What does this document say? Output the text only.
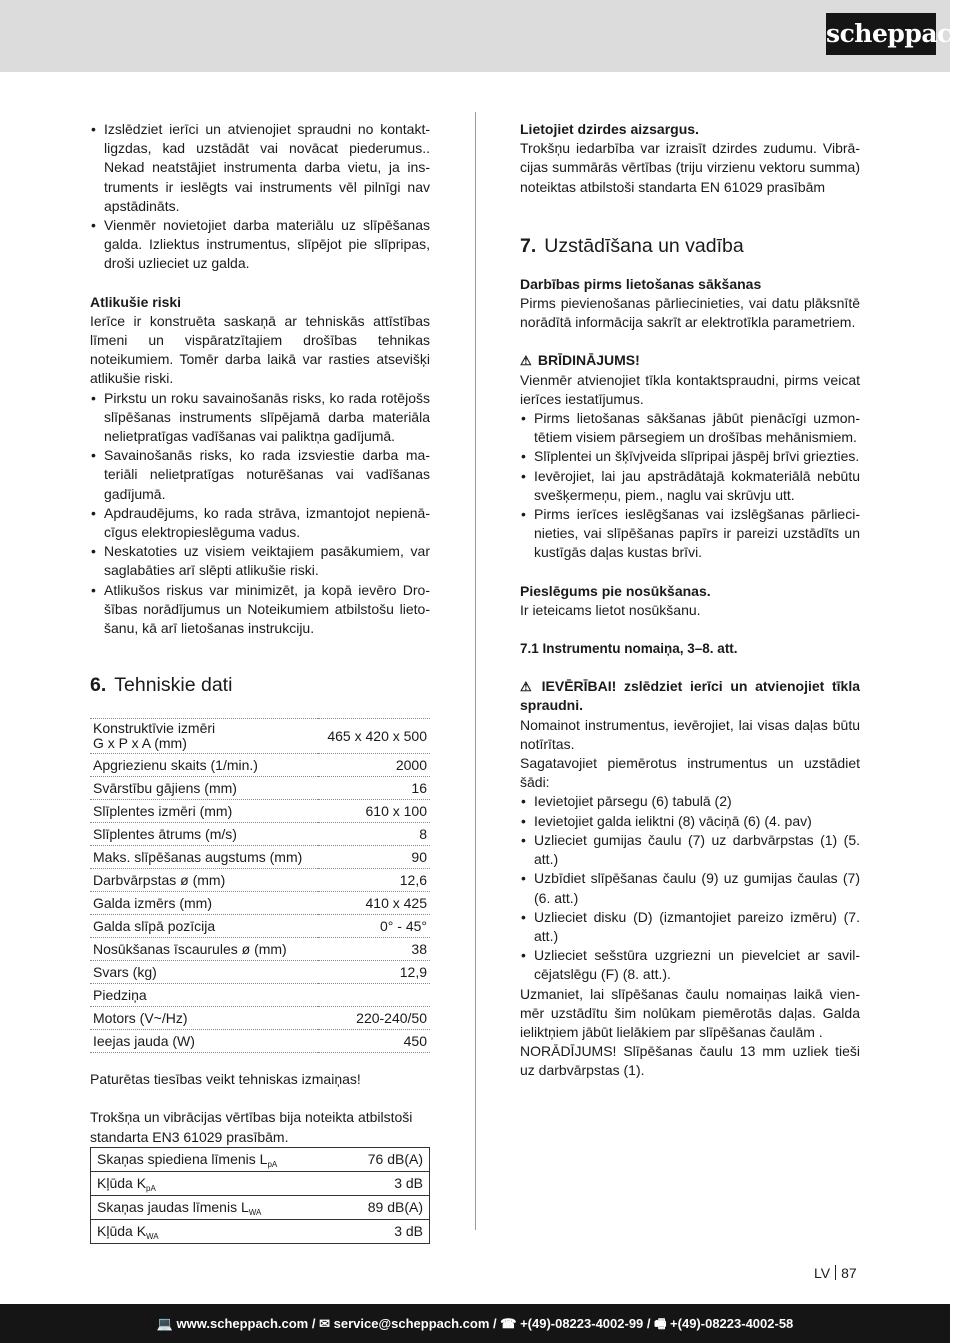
scheppach
• Izslēdziet ierīci un atvienojiet spraudni no kontaktligzdas, kad uzstādāt vai novācat piederumus.. Nekad neatstājiet instrumenta darba vietu, ja instruments ir ieslēgts vai instruments vēl pilnīgi nav apstādināts.
• Vienmēr novietojiet darba materiālu uz slīpēšanas galda. Izliektus instrumentus, slīpējot pie slīpripas, droši uzlieciet uz galda.

Atlikušie riski

Ierīce ir konstruēta saskaņā ar tehniskās attīstības līmeni un vispāratzītajiem drošības tehnikas noteikumiem. Tomēr darba laikā var rasties atsevišķi atlikušie riski.

• Pirkstu un roku savainošanās risks, ko rada rotējošs slīpēšanas instruments slīpējamā darba materiāla nelietpratīgas vadīšanas vai paliktņa gadījumā.
• Savainošanās risks, ko rada izsviestie darba materiāli nelietpratīgas noturēšanas vai vadīšanas gadījumā.
• Apdraudējums, ko rada strāva, izmantojot nepienācīgus elektropieslēguma vadus.
• Neskatoties uz visiem veiktajiem pasākumiem, var saglabāties arī slēpti atlikušie riski.
• Atlikušos riskus var minimizēt, ja kopā ievēro Drošības norādījumus un Noteikumiem atbilstošu lietošanu, kā arī lietošanas instrukciju.
6. Tehniskie dati
Konstruktīvie izmēri
G x P x A (mm)	465 x 420 x 500
Apgriezienu skaits (1/min.)	2000
Svārstību gājiens (mm)	16
Slīplentes izmēri (mm)	610 x 100
Slīplentes ātrums (m/s)	8
Maks. slīpēšanas augstums (mm)	90
Darbvārpstas ø (mm)	12,6
Galda izmērs (mm)	410 x 425
Galda slīpā pozīcija	0° - 45°
Nosūkšanas īscaurules ø (mm)	38
Svars (kg)	12,9
Piedziņa	
Motors (V~/Hz)	220-240/50
Ieejas jauda (W)	450

Paturētas tiesības veikt tehniskas izmaiņas!

Trokšņa un vibrācijas vērtības bija noteikta atbilstoši standarta EN3 61029 prasībām.

Skaņas spiediena līmenis $L_{pA}$	76 dB(A)
Kļūda $K_{pA}$	3 dB
Skaņas jaudas līmenis $L_{WA}$	89 dB(A)
Kļūda $K_{WA}$	3 dB

Lietojiet dzirdes aizsargus.

Trokšņu iedarbība var izraisīt dzirdes zudumu. Vibrācijas summārās vērtības (triju virzienu vektoru summa) noteiktas atbilstoši standarta EN 61029 prasībām

7. Uzstādīšana un vadība

Darbības pirms lietošanas sākšanas

Pirms pievienošanas pārliecinieties, vai datu plāksnītē norādītā informācija sakrīt ar elektrotīkla parametriem.

⚠ BRĪDINĀJUMS!

Vienmēr atvienojiet tīkla kontaktspraudni, pirms veicat ierīces iestatījumus.

• Pirms lietošanas sākšanas jābūt pienācīgi uzmontētiem visiem pārsegiem un drošības mehānismiem.
• Slīplentei un šķīvjveida slīpripai jāspēj brīvi griezties.
• Ievērojiet, lai jau apstrādātajā kokmateriālā nebūtu svešķermeņu, piem., naglu vai skrūvju utt.
• Pirms ierīces ieslēgšanas vai izslēgšanas pārliecinieties, vai slīpēšanas papīrs ir pareizi uzstādīts un kustīgās daļas kustas brīvi.

Pieslēgums pie nosūkšanas.

Ir ieteicams lietot nosūkšanu.

7.1 Instrumentu nomaiņa, 3–8. att.

⚠ IEVĒRĪBAI! zslēdziet ierīci un atvienojiet tīkla spraudni.

Nomainot instrumentus, ievērojiet, lai visas daļas būtu notīrītas.

Sagatavojiet piemērotus instrumentus un uzstādiet šādi:

• Ievietojiet pārsegu (6) tabulā (2)
• Ievietojiet galda ieliktni (8) vāciņā (6) (4. pav)
• Uzlieciet gumijas čaulu (7) uz darbvārpstas (1) (5. att.)
• Uzbīdiet slīpēšanas čaulu (9) uz gumijas čaulas (7) (6. att.)
• Uzlieciet disku (D) (izmantojiet pareizo izmēru) (7. att.)
• Uzlieciet sešstūra uzgriezni un pievelciet ar savilcējatslēgu (F) (8. att.).

Uzmaniet, lai slīpēšanas čaulu nomaiņas laikā vienmēr uzstādītu šim nolūkam piemērotās daļas. Galda ieliktņiem jābūt lielākiem par slīpēšanas čaulām .

NORĀDĪJUMS! Slīpēšanas čaulu 13 mm uzliek tieši uz darbvārpstas (1).

LV 87
💻 www.scheppach.com / ✉ service@scheppach.com / ☎ +(49)-08223-4002-99 / 🖷 +(49)-08223-4002-58
